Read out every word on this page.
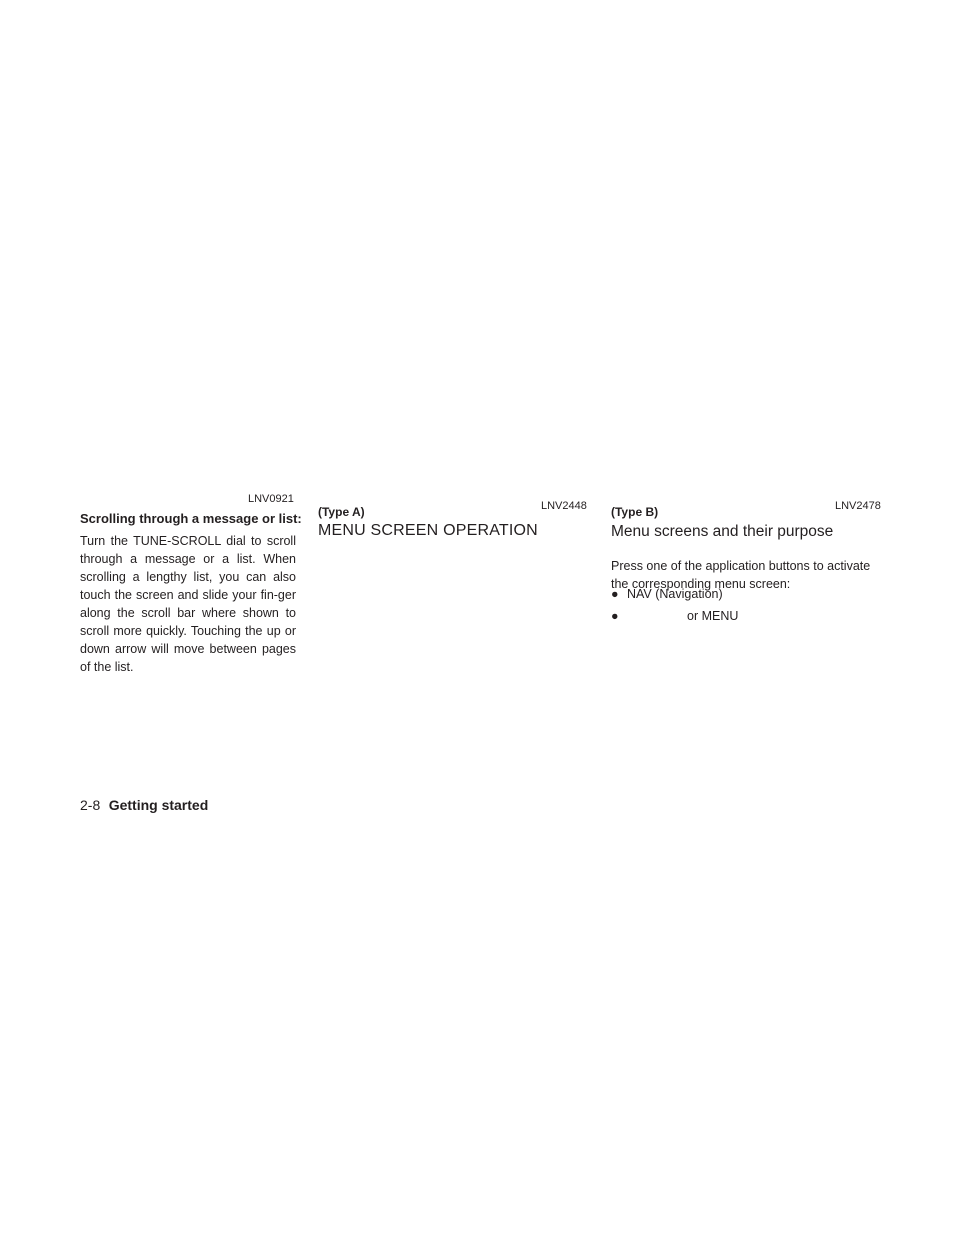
LNV0921
Scrolling through a message or list:
Turn the TUNE-SCROLL dial to scroll through a message or a list. When scrolling a lengthy list, you can also touch the screen and slide your fin-ger along the scroll bar where shown to scroll more quickly. Touching the up or down arrow will move between pages of the list.
(Type A)	LNV2448
MENU SCREEN OPERATION
(Type B)	LNV2478
Menu screens and their purpose
Press one of the application buttons to activate the corresponding menu screen:
● NAV (Navigation)
●	or MENU
2-8 Getting started
